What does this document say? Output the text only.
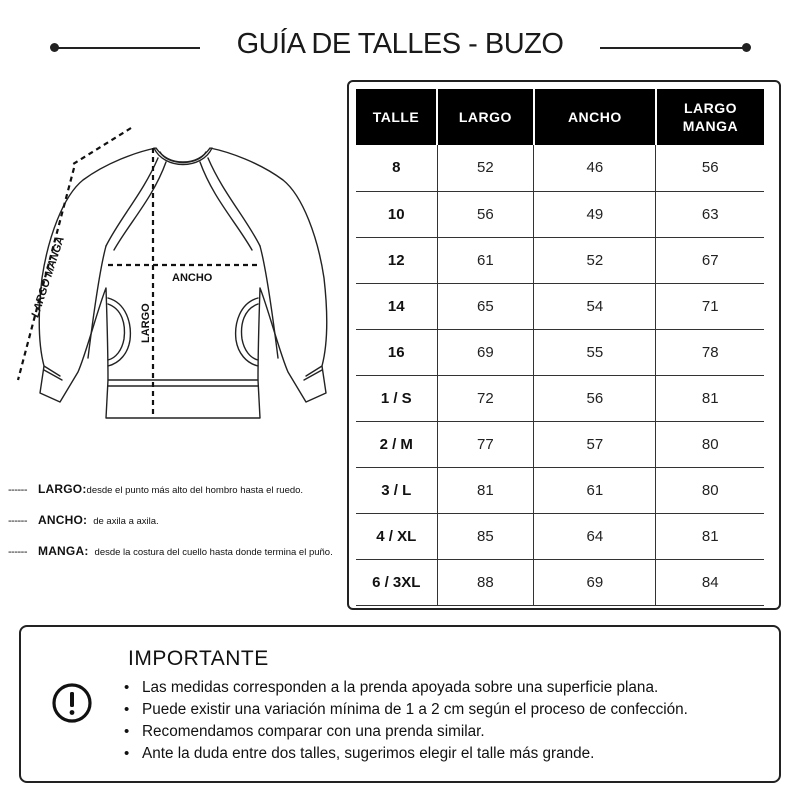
GUÍA DE TALLES - BUZO
LARGO MANGA	ANCHO
LARGO
------ LARGO: desde el punto más alto del hombro hasta el ruedo.
------ ANCHO: de axila a axila.
------ MANGA: desde la costura del cuello hasta donde termina el puño.
TALLE	LARGO	ANCHO	LARGO MANGA
8	52	46	56
10	56	49	63
12	61	52	67
14	65	54	71
16	69	55	78
1 / S	72	56	81
2 / M	77	57	80
3 / L	81	61	80
4 / XL	85	64	81
6 / 3XL	88	69	84
IMPORTANTE
• Las medidas corresponden a la prenda apoyada sobre una superficie plana.
• Puede existir una variación mínima de 1 a 2 cm según el proceso de confección.
• Recomendamos comparar con una prenda similar.
• Ante la duda entre dos talles, sugerimos elegir el talle más grande.
